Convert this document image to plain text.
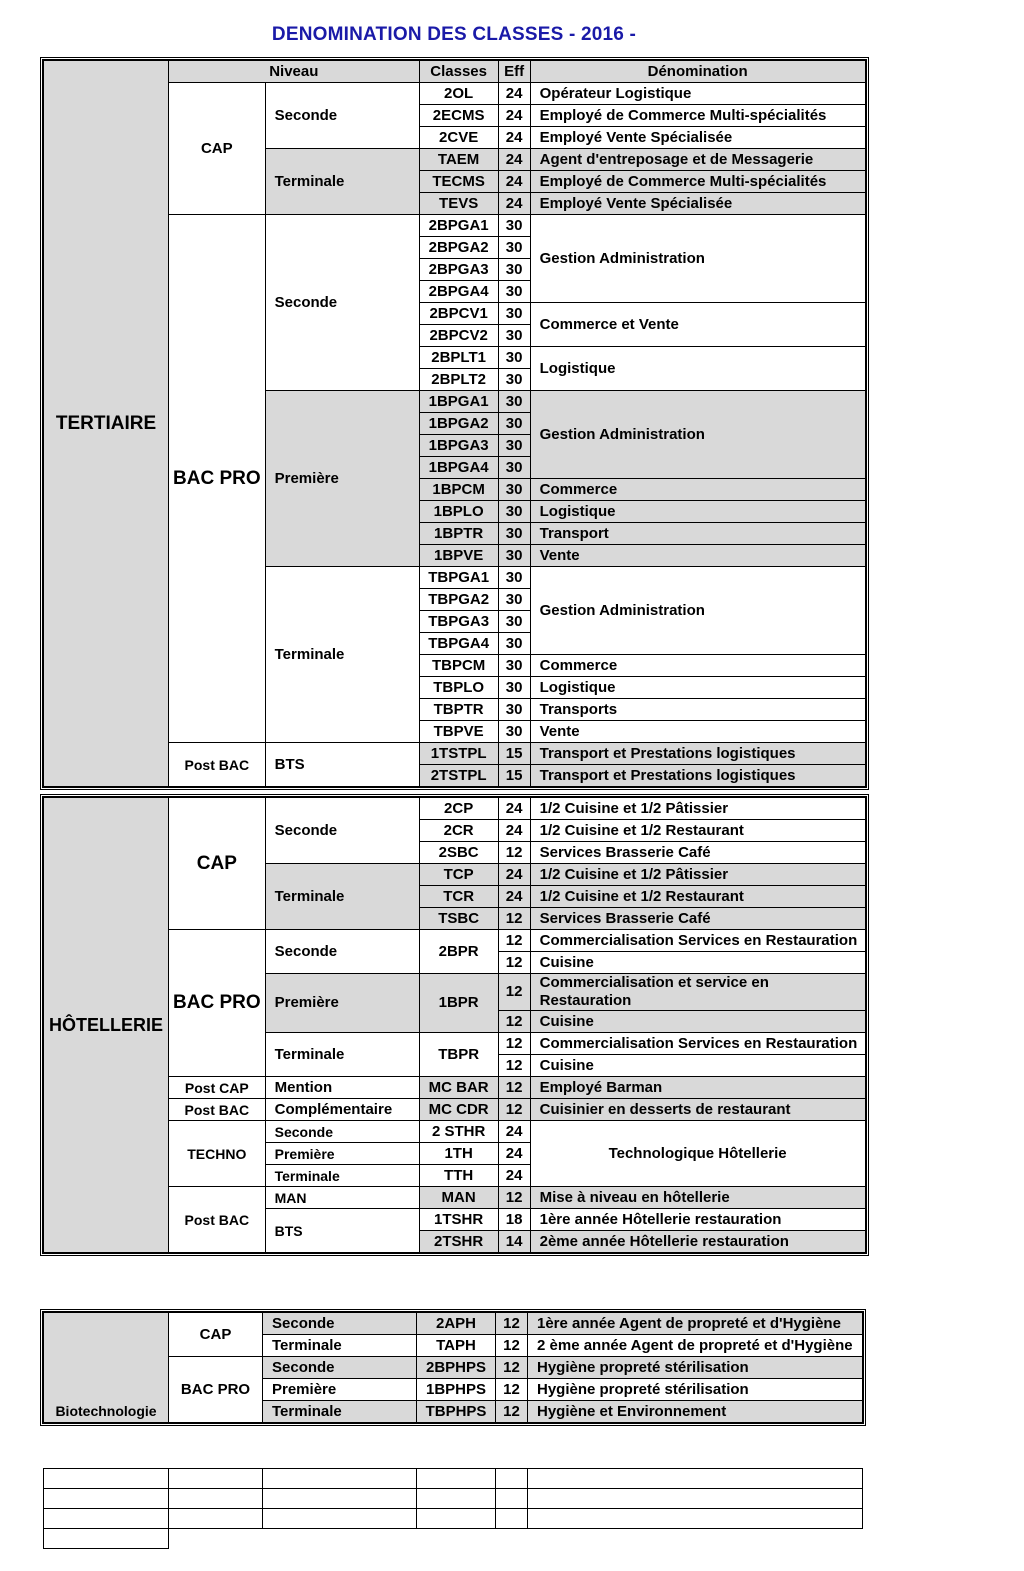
DENOMINATION DES CLASSES - 2016 -
TERTIAIRE	Niveau		Classes	Eff	Dénomination
	CAP	Seconde	2OL	24	Opérateur Logistique
			2ECMS	24	Employé de Commerce Multi-spécialités
			2CVE	24	Employé Vente Spécialisée
		Terminale	TAEM	24	Agent d'entreposage et de Messagerie
			TECMS	24	Employé de Commerce Multi-spécialités
			TEVS	24	Employé Vente Spécialisée
	BAC PRO	Seconde	2BPGA1	30	Gestion Administration
			2BPGA2	30	
			2BPGA3	30	
			2BPGA4	30	
			2BPCV1	30	Commerce et Vente
			2BPCV2	30	
			2BPLT1	30	Logistique
			2BPLT2	30	
		Première	1BPGA1	30	Gestion Administration
			1BPGA2	30	
			1BPGA3	30	
			1BPGA4	30	
			1BPCM	30	Commerce
			1BPLO	30	Logistique
			1BPTR	30	Transport
			1BPVE	30	Vente
		Terminale	TBPGA1	30	Gestion Administration
			TBPGA2	30	
			TBPGA3	30	
			TBPGA4	30	
			TBPCM	30	Commerce
			TBPLO	30	Logistique
			TBPTR	30	Transports
			TBPVE	30	Vente
	Post BAC	BTS	1TSTPL	15	Transport et Prestations logistiques
			2TSTPL	15	Transport et Prestations logistiques
HÔTELLERIE	CAP	Seconde	2CP	24	1/2 Cuisine et 1/2 Pâtissier
			2CR	24	1/2 Cuisine et 1/2 Restaurant
			2SBC	12	Services Brasserie Café
		Terminale	TCP	24	1/2 Cuisine et 1/2 Pâtissier
			TCR	24	1/2 Cuisine et 1/2 Restaurant
			TSBC	12	Services Brasserie Café
	BAC PRO	Seconde	2BPR	12	Commercialisation Services en Restauration

				12	Cuisine
		Première	1BPR	12	Commercialisation et service en Restauration

				12	Cuisine
		Terminale	TBPR	12	Commercialisation Services en Restauration

				12	Cuisine
	Post CAP	Mention	MC BAR	12	Employé Barman
	Post BAC	Complémentaire	MC CDR	12	Cuisinier en desserts de restaurant
	TECHNO	Seconde	2 STHR	24	Technologique Hôtellerie
		Première	1TH	24	
		Terminale	TTH	24	
	Post BAC	MAN	MAN	12	Mise à niveau en hôtellerie
		BTS	1TSHR	18	1ère année Hôtellerie restauration
			2TSHR	14	2ème année Hôtellerie restauration
Biotechnologie	CAP	Seconde	2APH	12	1ère année Agent de propreté et d'Hygiène

		Terminale	TAPH	12	2 ème année Agent de propreté et d'Hygiène

	BAC PRO	Seconde	2BPHPS	12	Hygiène propreté stérilisation
		Première	1BPHPS	12	Hygiène propreté stérilisation
		Terminale	TBPHPS	12	Hygiène et Environnement
